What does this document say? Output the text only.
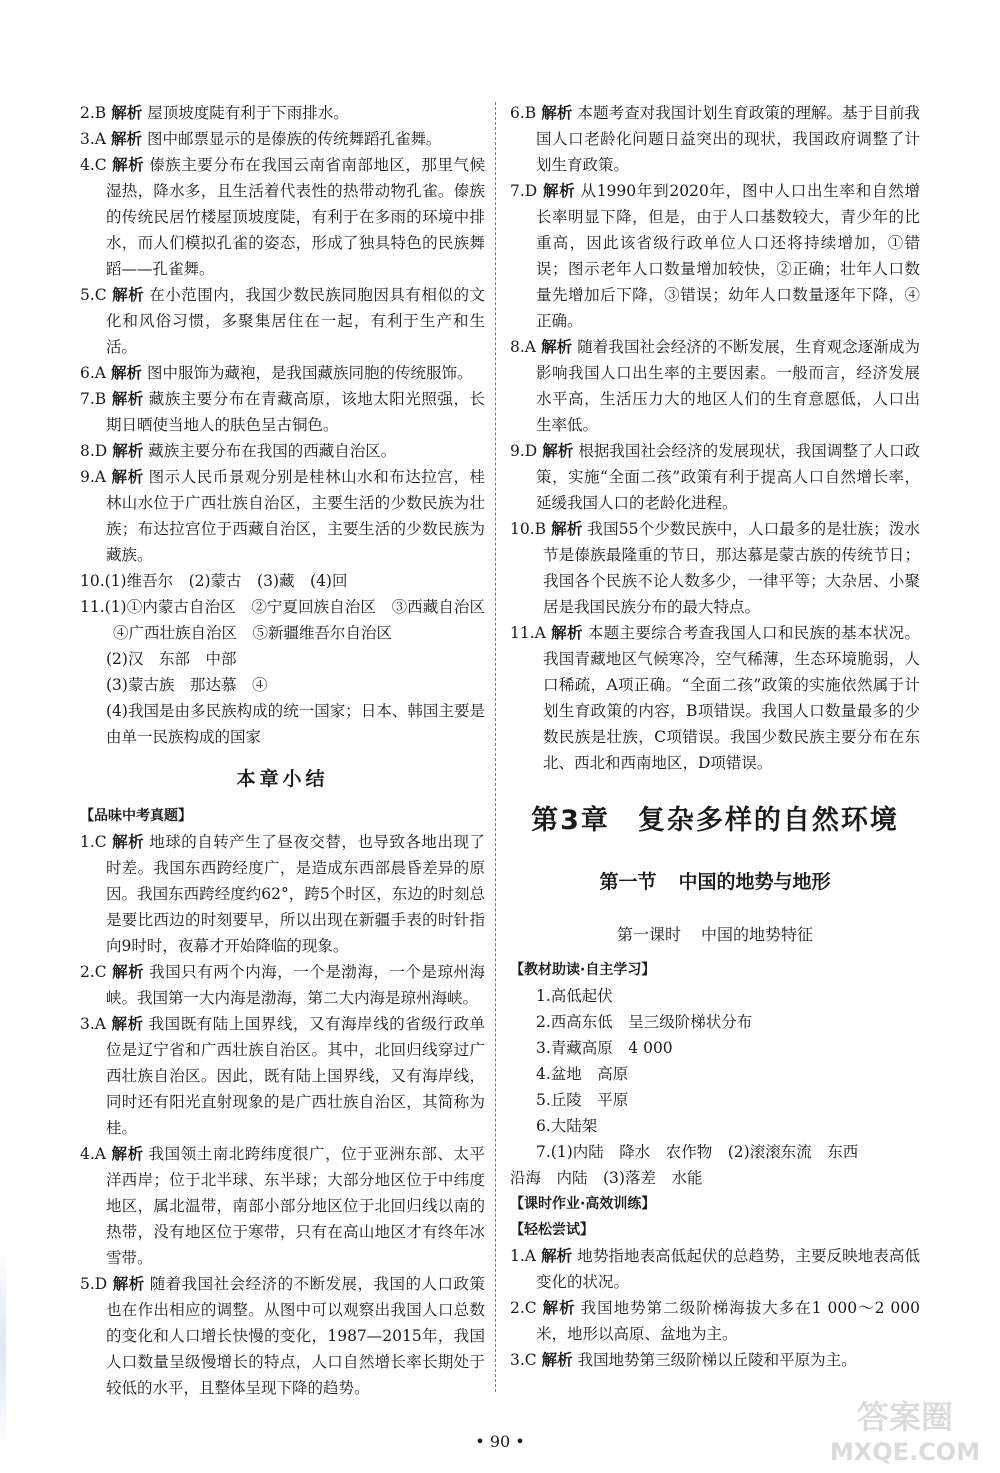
2.B 解析 屋顶坡度陡有利于下雨排水。

3.A 解析 图中邮票显示的是傣族的传统舞蹈孔雀舞。

4.C 解析 傣族主要分布在我国云南省南部地区，那里气候湿热，降水多，且生活着代表性的热带动物孔雀。傣族的传统民居竹楼屋顶坡度陡，有利于在多雨的环境中排水，而人们模拟孔雀的姿态，形成了独具特色的民族舞蹈——孔雀舞。

5.C 解析 在小范围内，我国少数民族同胞因具有相似的文化和风俗习惯，多聚集居住在一起，有利于生产和生活。

6.A 解析 图中服饰为藏袍，是我国藏族同胞的传统服饰。

7.B 解析 藏族主要分布在青藏高原，该地太阳光照强，长期日晒使当地人的肤色呈古铜色。

8.D 解析 藏族主要分布在我国的西藏自治区。

9.A 解析 图示人民币景观分别是桂林山水和布达拉宫，桂林山水位于广西壮族自治区，主要生活的少数民族为壮族；布达拉宫位于西藏自治区，主要生活的少数民族为藏族。

10.(1)维吾尔　(2)蒙古　(3)藏　(4)回

11.(1)①内蒙古自治区　②宁夏回族自治区　③西藏自治区④广西壮族自治区　⑤新疆维吾尔自治区

(2)汉　东部　中部

(3)蒙古族　那达慕　④

(4)我国是由多民族构成的统一国家；日本、韩国主要是由单一民族构成的国家

本章小结

【品味中考真题】

1.C 解析 地球的自转产生了昼夜交替，也导致各地出现了时差。我国东西跨经度广，是造成东西部晨昏差异的原因。我国东西跨经度约62°，跨5个时区，东边的时刻总是要比西边的时刻要早，所以出现在新疆手表的时针指向9时时，夜幕才开始降临的现象。

2.C 解析 我国只有两个内海，一个是渤海，一个是琼州海峡。我国第一大内海是渤海，第二大内海是琼州海峡。

3.A 解析 我国既有陆上国界线，又有海岸线的省级行政单位是辽宁省和广西壮族自治区。其中，北回归线穿过广西壮族自治区。因此，既有陆上国界线，又有海岸线，同时还有阳光直射现象的是广西壮族自治区，其简称为桂。

4.A 解析 我国领土南北跨纬度很广，位于亚洲东部、太平洋西岸；位于北半球、东半球；大部分地区位于中纬度地区，属北温带，南部小部分地区位于北回归线以南的热带，没有地区位于寒带，只有在高山地区才有终年冰雪带。

5.D 解析 随着我国社会经济的不断发展，我国的人口政策也在作出相应的调整。从图中可以观察出我国人口总数的变化和人口增长快慢的变化，1987—2015年，我国人口数量呈级慢增长的特点，人口自然增长率长期处于较低的水平，且整体呈现下降的趋势。

6.B 解析 本题考查对我国计划生育政策的理解。基于目前我国人口老龄化问题日益突出的现状，我国政府调整了计划生育政策。

7.D 解析 从1990年到2020年，图中人口出生率和自然增长率明显下降，但是，由于人口基数较大，青少年的比重高，因此该省级行政单位人口还将持续增加，①错误；图示老年人口数量增加较快，②正确；壮年人口数量先增加后下降，③错误；幼年人口数量逐年下降，④正确。

8.A 解析 随着我国社会经济的不断发展，生育观念逐渐成为影响我国人口出生率的主要因素。一般而言，经济发展水平高，生活压力大的地区人们的生育意愿低，人口出生率低。

9.D 解析 根据我国社会经济的发展现状，我国调整了人口政策，实施“全面二孩”政策有利于提高人口自然增长率，延缓我国人口的老龄化进程。

10.B 解析 我国55个少数民族中，人口最多的是壮族；泼水节是傣族最隆重的节日，那达慕是蒙古族的传统节日；我国各个民族不论人数多少，一律平等；大杂居、小聚居是我国民族分布的最大特点。

11.A 解析 本题主要综合考查我国人口和民族的基本状况。我国青藏地区气候寒冷，空气稀薄，生态环境脆弱，人口稀疏，A项正确。“全面二孩”政策的实施依然属于计划生育政策的内容，B项错误。我国人口数量最多的少数民族是壮族，C项错误。我国少数民族主要分布在东北、西北和西南地区，D项错误。

第3章 复杂多样的自然环境
第一节 中国的地势与地形
第一课时 中国的地势特征

【教材助读·自主学习】

1.高低起伏

2.西高东低　呈三级阶梯状分布

3.青藏高原　4 000

4.盆地　高原

5.丘陵　平原

6.大陆架

7.(1)内陆　降水　农作物　(2)滚滚东流　东西

沿海　内陆　(3)落差　水能

【课时作业·高效训练】

【轻松尝试】

1.A 解析 地势指地表高低起伏的总趋势，主要反映地表高低变化的状况。

2.C 解析 我国地势第二级阶梯海拔大多在1 000～2 000米，地形以高原、盆地为主。

3.C 解析 我国地势第三级阶梯以丘陵和平原为主。

• 90 •
答案圈
MXQE.COM
